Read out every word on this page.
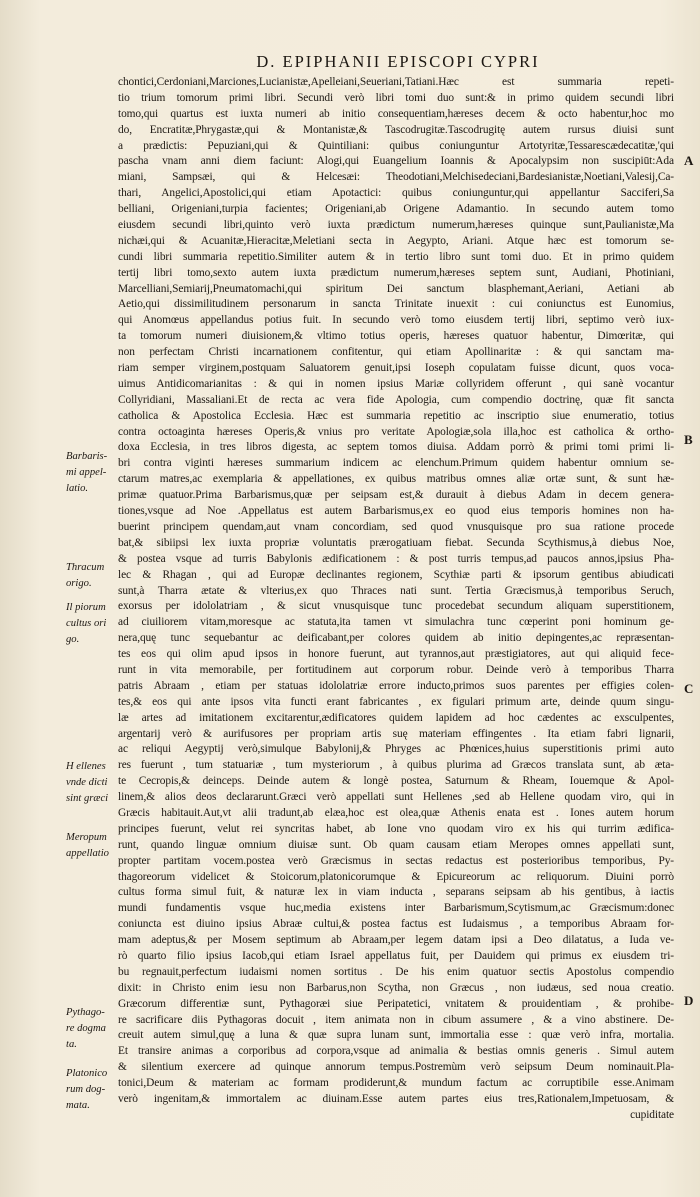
D. EPIPHANII EPISCOPI CYPRI
chontici,Cerdoniani,Marciones,Lucianistæ,Apelleiani,Seueriani,Tatiani.Hæc est summaria repeti-
tio trium tomorum primi libri. Secundi verò libri tomi duo sunt:& in primo quidem secundi libri
tomo,qui quartus est iuxta numeri ab initio consequentiam,hæreses decem & octo habentur,hoc mo
do, Encratitæ,Phrygastæ,qui & Montanistæ,& Tascodrugitæ.Tascodrugitę autem rursus diuisi sunt
a prædictis: Pepuziani,qui & Quintiliani: quibus coniunguntur Artotyritæ,Tessarescædecatitæ,'qui
pascha vnam anni diem faciunt: Alogi,qui Euangelium Ioannis & Apocalypsim non suscipiūt:Ada
miani, Sampsæi, qui & Helcesæi: Theodotiani,Melchisedeciani,Bardesianistæ,Noetiani,Valesij,Ca-
thari, Angelici,Apostolici,qui etiam Apotactici: quibus coniunguntur,qui appellantur Sacciferi,Sa
belliani, Origeniani,turpia facientes; Origeniani,ab Origene Adamantio. In secundo autem tomo
eiusdem secundi libri,quinto verò iuxta prædictum numerum,hæreses quinque sunt,Paulianistæ,Ma
nichæi,qui & Acuanitæ,Hieracitæ,Meletiani secta in Aegypto, Ariani. Atque hæc est tomorum se-
cundi libri summaria repetitio.Similiter autem & in tertio libro sunt tomi duo. Et in primo quidem
tertij libri tomo,sexto autem iuxta prædictum numerum,hæreses septem sunt, Audiani, Photiniani,
Marcelliani,Semiarij,Pneumatomachi,qui spiritum Dei sanctum blasphemant,Aeriani, Aetiani ab
Aetio,qui dissimilitudinem personarum in sancta Trinitate inuexit : cui coniunctus est Eunomius,
qui Anomœus appellandus potius fuit. In secundo verò tomo eiusdem tertij libri, septimo verò iux-
ta tomorum numeri diuisionem,& vltimo totius operis, hæreses quatuor habentur, Dimœritæ, qui
non perfectam Christi incarnationem confitentur, qui etiam Apollinaritæ : & qui sanctam ma-
riam semper virginem,postquam Saluatorem genuit,ipsi Ioseph copulatam fuisse dicunt, quos voca-
uimus Antidicomarianitas : & qui in nomen ipsius Mariæ collyridem offerunt , qui sanè vocantur
Collyridiani, Massaliani.Et de recta ac vera fide Apologia, cum compendio doctrinę, quæ fit sancta
catholica & Apostolica Ecclesia. Hæc est summaria repetitio ac inscriptio siue enumeratio, totius
contra octoaginta hæreses Operis,& vnius pro veritate Apologiæ,sola illa,hoc est catholica & ortho-
doxa Ecclesia, in tres libros digesta, ac septem tomos diuisa. Addam porrò & primi tomi primi li-
bri contra viginti hæreses summarium indicem ac elenchum.Primum quidem habentur omnium se-
ctarum matres,ac exemplaria & appellationes, ex quibus matribus omnes aliæ ortæ sunt, & sunt hæ-
primæ quatuor.Prima Barbarismus,quæ per seipsam est,& durauit à diebus Adam in decem genera-
tiones,vsque ad Noe .Appellatus est autem Barbarismus,ex eo quod eius temporis homines non ha-
buerint principem quendam,aut vnam concordiam, sed quod vnusquisque pro sua ratione procede
bat,& sibiipsi lex iuxta propriæ voluntatis prærogatiuam fiebat. Secunda Scythismus,à diebus Noe,
& postea vsque ad turris Babylonis ædificationem : & post turris tempus,ad paucos annos,ipsius Pha-
lec & Rhagan , qui ad Europæ declinantes regionem, Scythiæ parti & ipsorum gentibus abiudicati
sunt,à Tharra ætate & vlterius,ex quo Thraces nati sunt. Tertia Græcismus,à temporibus Seruch,
exorsus per idololatriam , & sicut vnusquisque tunc procedebat secundum aliquam superstitionem,
ad ciuiliorem vitam,moresque ac statuta,ita tamen vt simulachra tunc cœperint poni hominum ge-
nera,quę tunc sequebantur ac deificabant,per colores quidem ab initio depingentes,ac repræsentan-
tes eos qui olim apud ipsos in honore fuerunt, aut tyrannos,aut præstigiatores, aut qui aliquid fece-
runt in vita memorabile, per fortitudinem aut corporum robur. Deinde verò à temporibus Tharra
patris Abraam , etiam per statuas idololatriæ errore inducto,primos suos parentes per effigies colen-
tes,& eos qui ante ipsos vita functi erant fabricantes , ex figulari primum arte, deinde quum singu-
læ artes ad imitationem excitarentur,ædificatores quidem lapidem ad hoc cædentes ac exsculpentes,
argentarij verò & aurifusores per propriam artis suę materiam effingentes . Ita etiam fabri lignarii,
ac reliqui Aegyptij verò,simulque Babylonij,& Phryges ac Phœnices,huius superstitionis primi auto
res fuerunt , tum statuariæ , tum mysteriorum , à quibus plurima ad Græcos translata sunt, ab æta-
te Cecropis,& deinceps. Deinde autem & longè postea, Saturnum & Rheam, Iouemque & Apol-
linem,& alios deos declararunt.Græci verò appellati sunt Hellenes ,sed ab Hellene quodam viro, qui in
Græcis habitauit.Aut,vt alii tradunt,ab elæa,hoc est olea,quæ Athenis enata est . Iones autem horum
principes fuerunt, velut rei syncritas habet, ab Ione vno quodam viro ex his qui turrim ædifica-
runt, quando linguæ omnium diuisæ sunt. Ob quam causam etiam Meropes omnes appellati sunt,
propter partitam vocem.postea verò Græcismus in sectas redactus est posterioribus temporibus, Py-
thagoreorum videlicet & Stoicorum,platonicorumque & Epicureorum ac reliquorum. Diuini porrò
cultus forma simul fuit, & naturæ lex in viam inducta , separans seipsam ab his gentibus, à iactis
mundi fundamentis vsque huc,media existens inter Barbarismum,Scytismum,ac Græcismum:donec
coniuncta est diuino ipsius Abraæ cultui,& postea factus est Iudaismus , a temporibus Abraam for-
mam adeptus,& per Mosem septimum ab Abraam,per legem datam ipsi a Deo dilatatus, a Iuda ve-
rò quarto filio ipsius Iacob,qui etiam Israel appellatus fuit, per Dauidem qui primus ex eiusdem tri-
bu regnauit,perfectum iudaismi nomen sortitus . De his enim quatuor sectis Apostolus compendio
dixit: in Christo enim iesu non Barbarus,non Scytha, non Græcus , non iudæus, sed noua creatio.
Græcorum differentiæ sunt, Pythagoræi siue Peripatetici, vnitatem & prouidentiam , & prohibe-
re sacrificare diis Pythagoras docuit , item animata non in cibum assumere , & a vino abstinere. De-
creuit autem simul,quę a luna & quæ supra lunam sunt, immortalia esse : quæ verò infra, mortalia.
Et transire animas a corporibus ad corpora,vsque ad animalia & bestias omnis generis . Simul autem
& silentium exercere ad quinque annorum tempus.Postremùm verò seipsum Deum nominauit.Pla-
tonici,Deum & materiam ac formam prodiderunt,& mundum factum ac corruptibile esse.Animam
verò ingenitam,& immortalem ac diuinam.Esse autem partes eius tres,Rationalem,Impetuosam, &
cupiditate
Barbaris-
mi appel-
latio.
Thracum
origo.
Il piorum
cultus ori
go.
H ellenes
vnde dicti
sint græci
Meropum
appellatio
Pythago-
re dogma
ta.
Platonico
rum dog-
mata.
A
B
C
D
